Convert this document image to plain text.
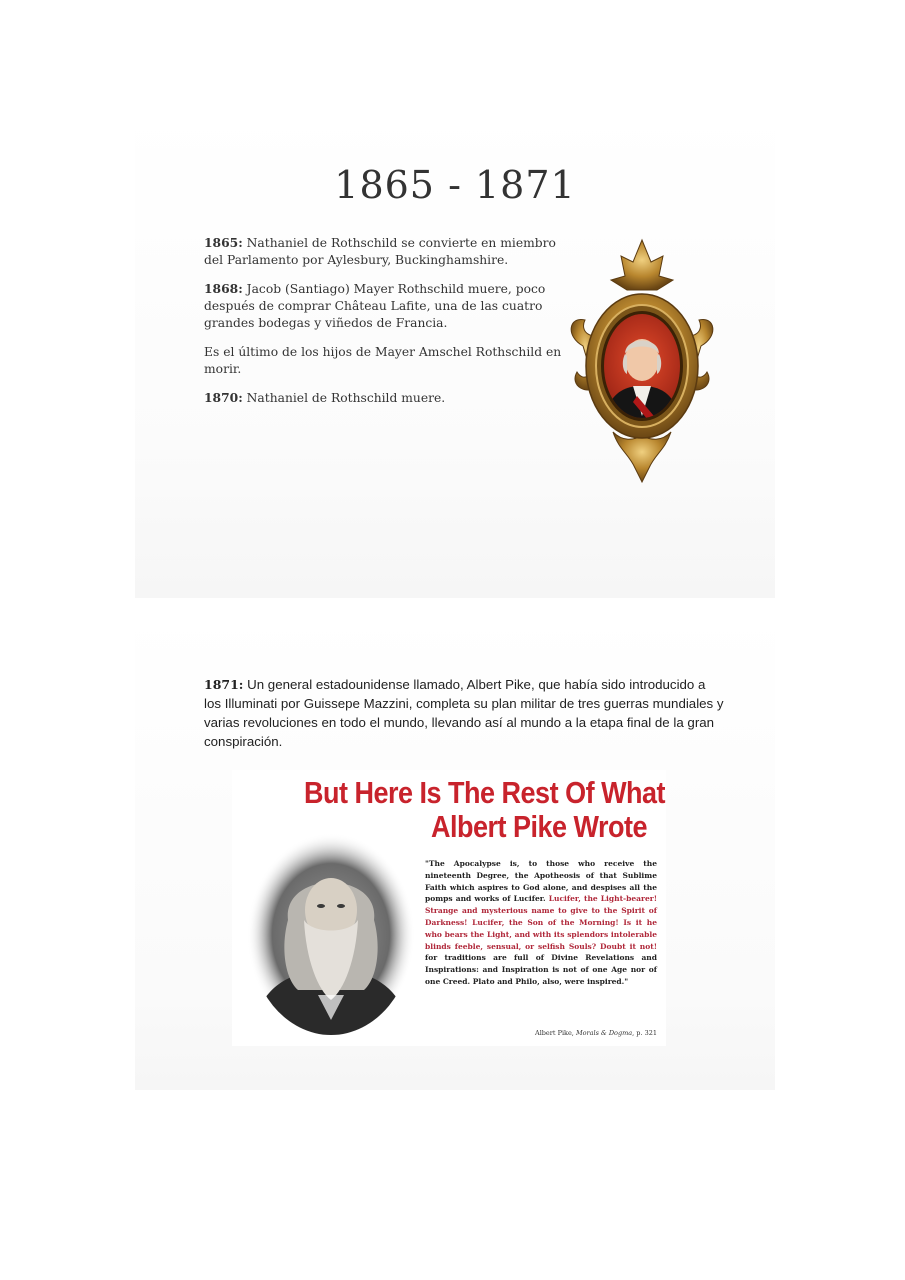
1865 - 1871

1865: Nathaniel de Rothschild se convierte en miembro del Parlamento por Aylesbury, Buckinghamshire.

1868: Jacob (Santiago) Mayer Rothschild muere, poco después de comprar Château Lafite, una de las cuatro grandes bodegas y viñedos de Francia.

Es el último de los hijos de Mayer Amschel Rothschild en morir.

1870: Nathaniel de Rothschild muere.

1871: Un general estadounidense llamado, Albert Pike, que había sido introducido a los Illuminati por Guissepe Mazzini, completa su plan militar de tres guerras mundiales y varias revoluciones en todo el mundo, llevando así al mundo a la etapa final de la gran conspiración.

But Here Is The Rest Of What
Albert Pike Wrote
"The Apocalypse is, to those who receive the nineteenth Degree, the Apotheosis of that Sublime Faith which aspires to God alone, and despises all the pomps and works of Lucifer. Lucifer, the Light-bearer! Strange and mysterious name to give to the Spirit of Darkness! Lucifer, the Son of the Morning! Is it he who bears the Light, and with its splendors intolerable blinds feeble, sensual, or selfish Souls? Doubt it not! for traditions are full of Divine Revelations and Inspirations: and Inspiration is not of one Age nor of one Creed. Plato and Philo, also, were inspired."
Albert Pike, Morals & Dogma, p. 321
